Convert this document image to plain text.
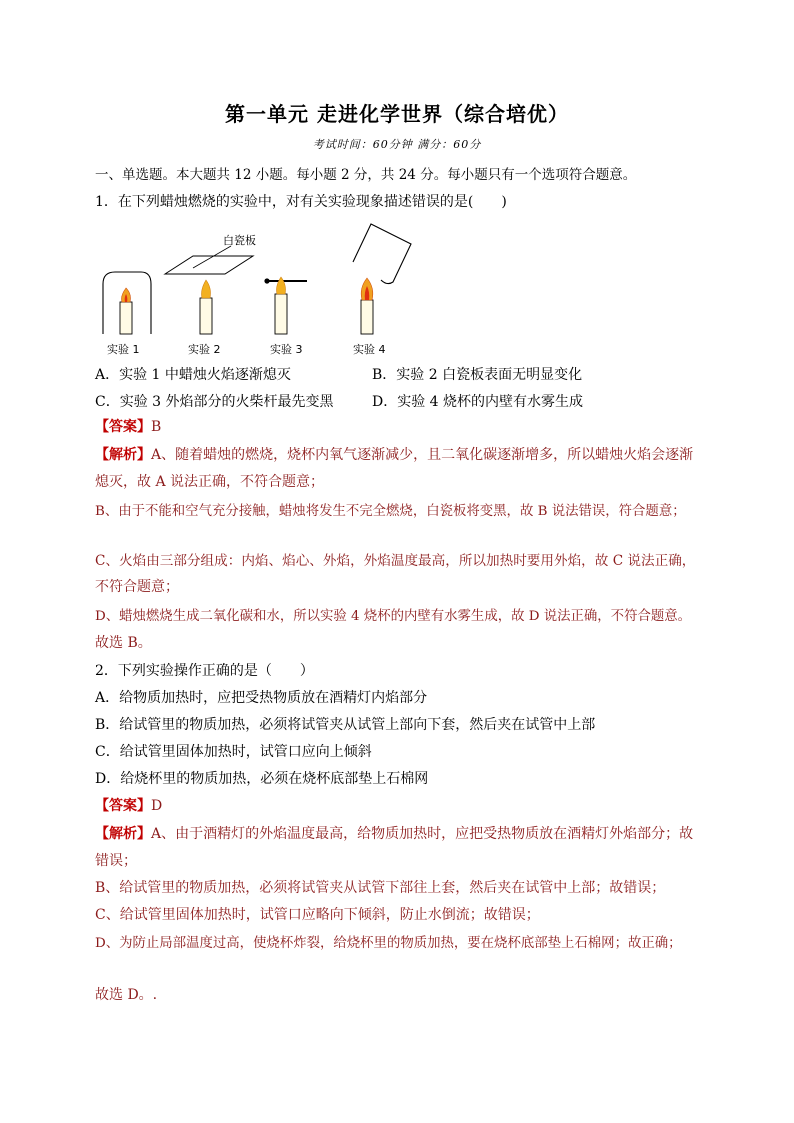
第一单元 走进化学世界（综合培优）
考试时间：60分钟 满分：60分
一、单选题。本大题共 12 小题。每小题 2 分，共 24 分。每小题只有一个选项符合题意。
1．在下列蜡烛燃烧的实验中，对有关实验现象描述错误的是(　　)
白瓷板
实验 1	实验 2	实验 3	实验 4
A．实验 1 中蜡烛火焰逐渐熄灭	B．实验 2 白瓷板表面无明显变化
C．实验 3 外焰部分的火柴杆最先变黑	D．实验 4 烧杯的内壁有水雾生成
【答案】B
【解析】A、随着蜡烛的燃烧，烧杯内氧气逐渐减少，且二氧化碳逐渐增多，所以蜡烛火焰会逐渐
熄灭，故 A 说法正确，不符合题意；
B、由于不能和空气充分接触，蜡烛将发生不完全燃烧，白瓷板将变黑，故 B 说法错误，符合题意；
C、火焰由三部分组成：内焰、焰心、外焰，外焰温度最高，所以加热时要用外焰，故 C 说法正确，
不符合题意；
D、蜡烛燃烧生成二氧化碳和水，所以实验 4 烧杯的内壁有水雾生成，故 D 说法正确，不符合题意。
故选 B。
2．下列实验操作正确的是（　　）
A．给物质加热时，应把受热物质放在酒精灯内焰部分
B．给试管里的物质加热，必须将试管夹从试管上部向下套，然后夹在试管中上部
C．给试管里固体加热时，试管口应向上倾斜
D．给烧杯里的物质加热，必须在烧杯底部垫上石棉网
【答案】D
【解析】A、由于酒精灯的外焰温度最高，给物质加热时，应把受热物质放在酒精灯外焰部分；故
错误；
B、给试管里的物质加热，必须将试管夹从试管下部往上套，然后夹在试管中上部；故错误；
C、给试管里固体加热时，试管口应略向下倾斜，防止水倒流；故错误；
D、为防止局部温度过高，使烧杯炸裂，给烧杯里的物质加热，要在烧杯底部垫上石棉网；故正确；
故选 D。.
